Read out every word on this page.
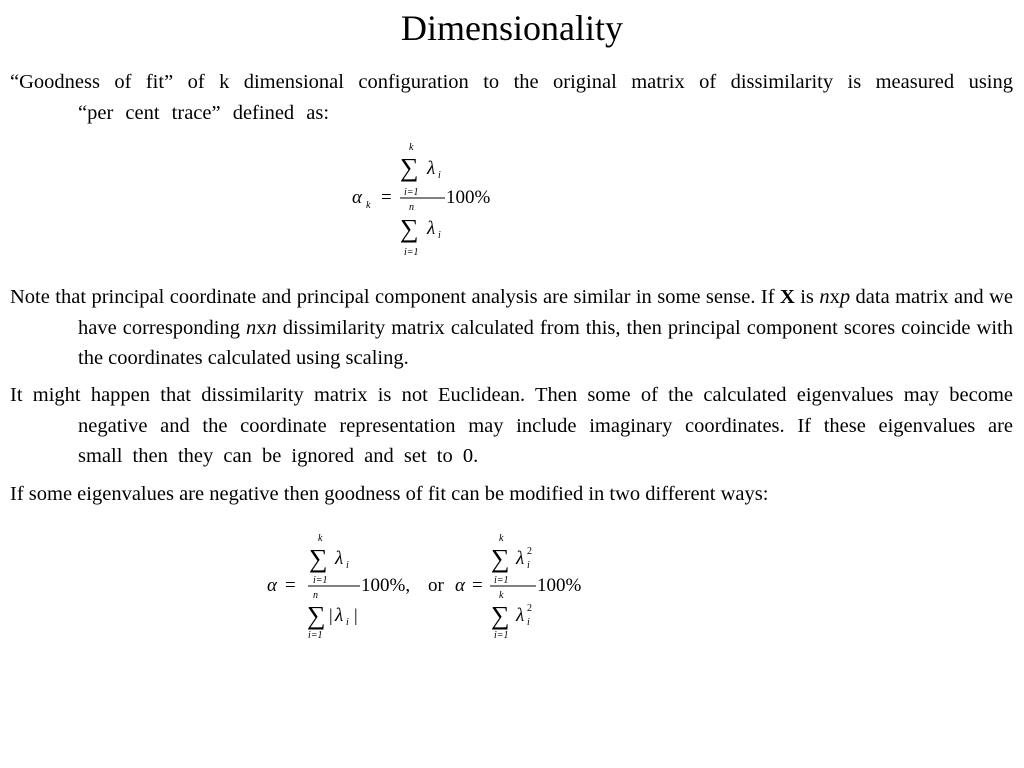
Dimensionality
“Goodness of fit” of k dimensional configuration to the original matrix of dissimilarity is measured using “per cent trace” defined as:
α k =
k
∑ λ i
i=1
n
∑ λ i
i=1
100%
Note that principal coordinate and principal component analysis are similar in some sense. If X is nxp data matrix and we have corresponding nxn dissimilarity matrix calculated from this, then principal component scores coincide with the coordinates calculated using scaling.
It might happen that dissimilarity matrix is not Euclidean. Then some of the calculated eigenvalues may become negative and the coordinate representation may include imaginary coordinates. If these eigenvalues are small then they can be ignored and set to 0.
If some eigenvalues are negative then goodness of fit can be modified in two different ways:
α =
k
∑ λ i
i=1
n
∑ | λ i |
i=1
100%, or α =
k
∑ λ 2
i
i=1
k
∑ λ 2
i
i=1
100%
